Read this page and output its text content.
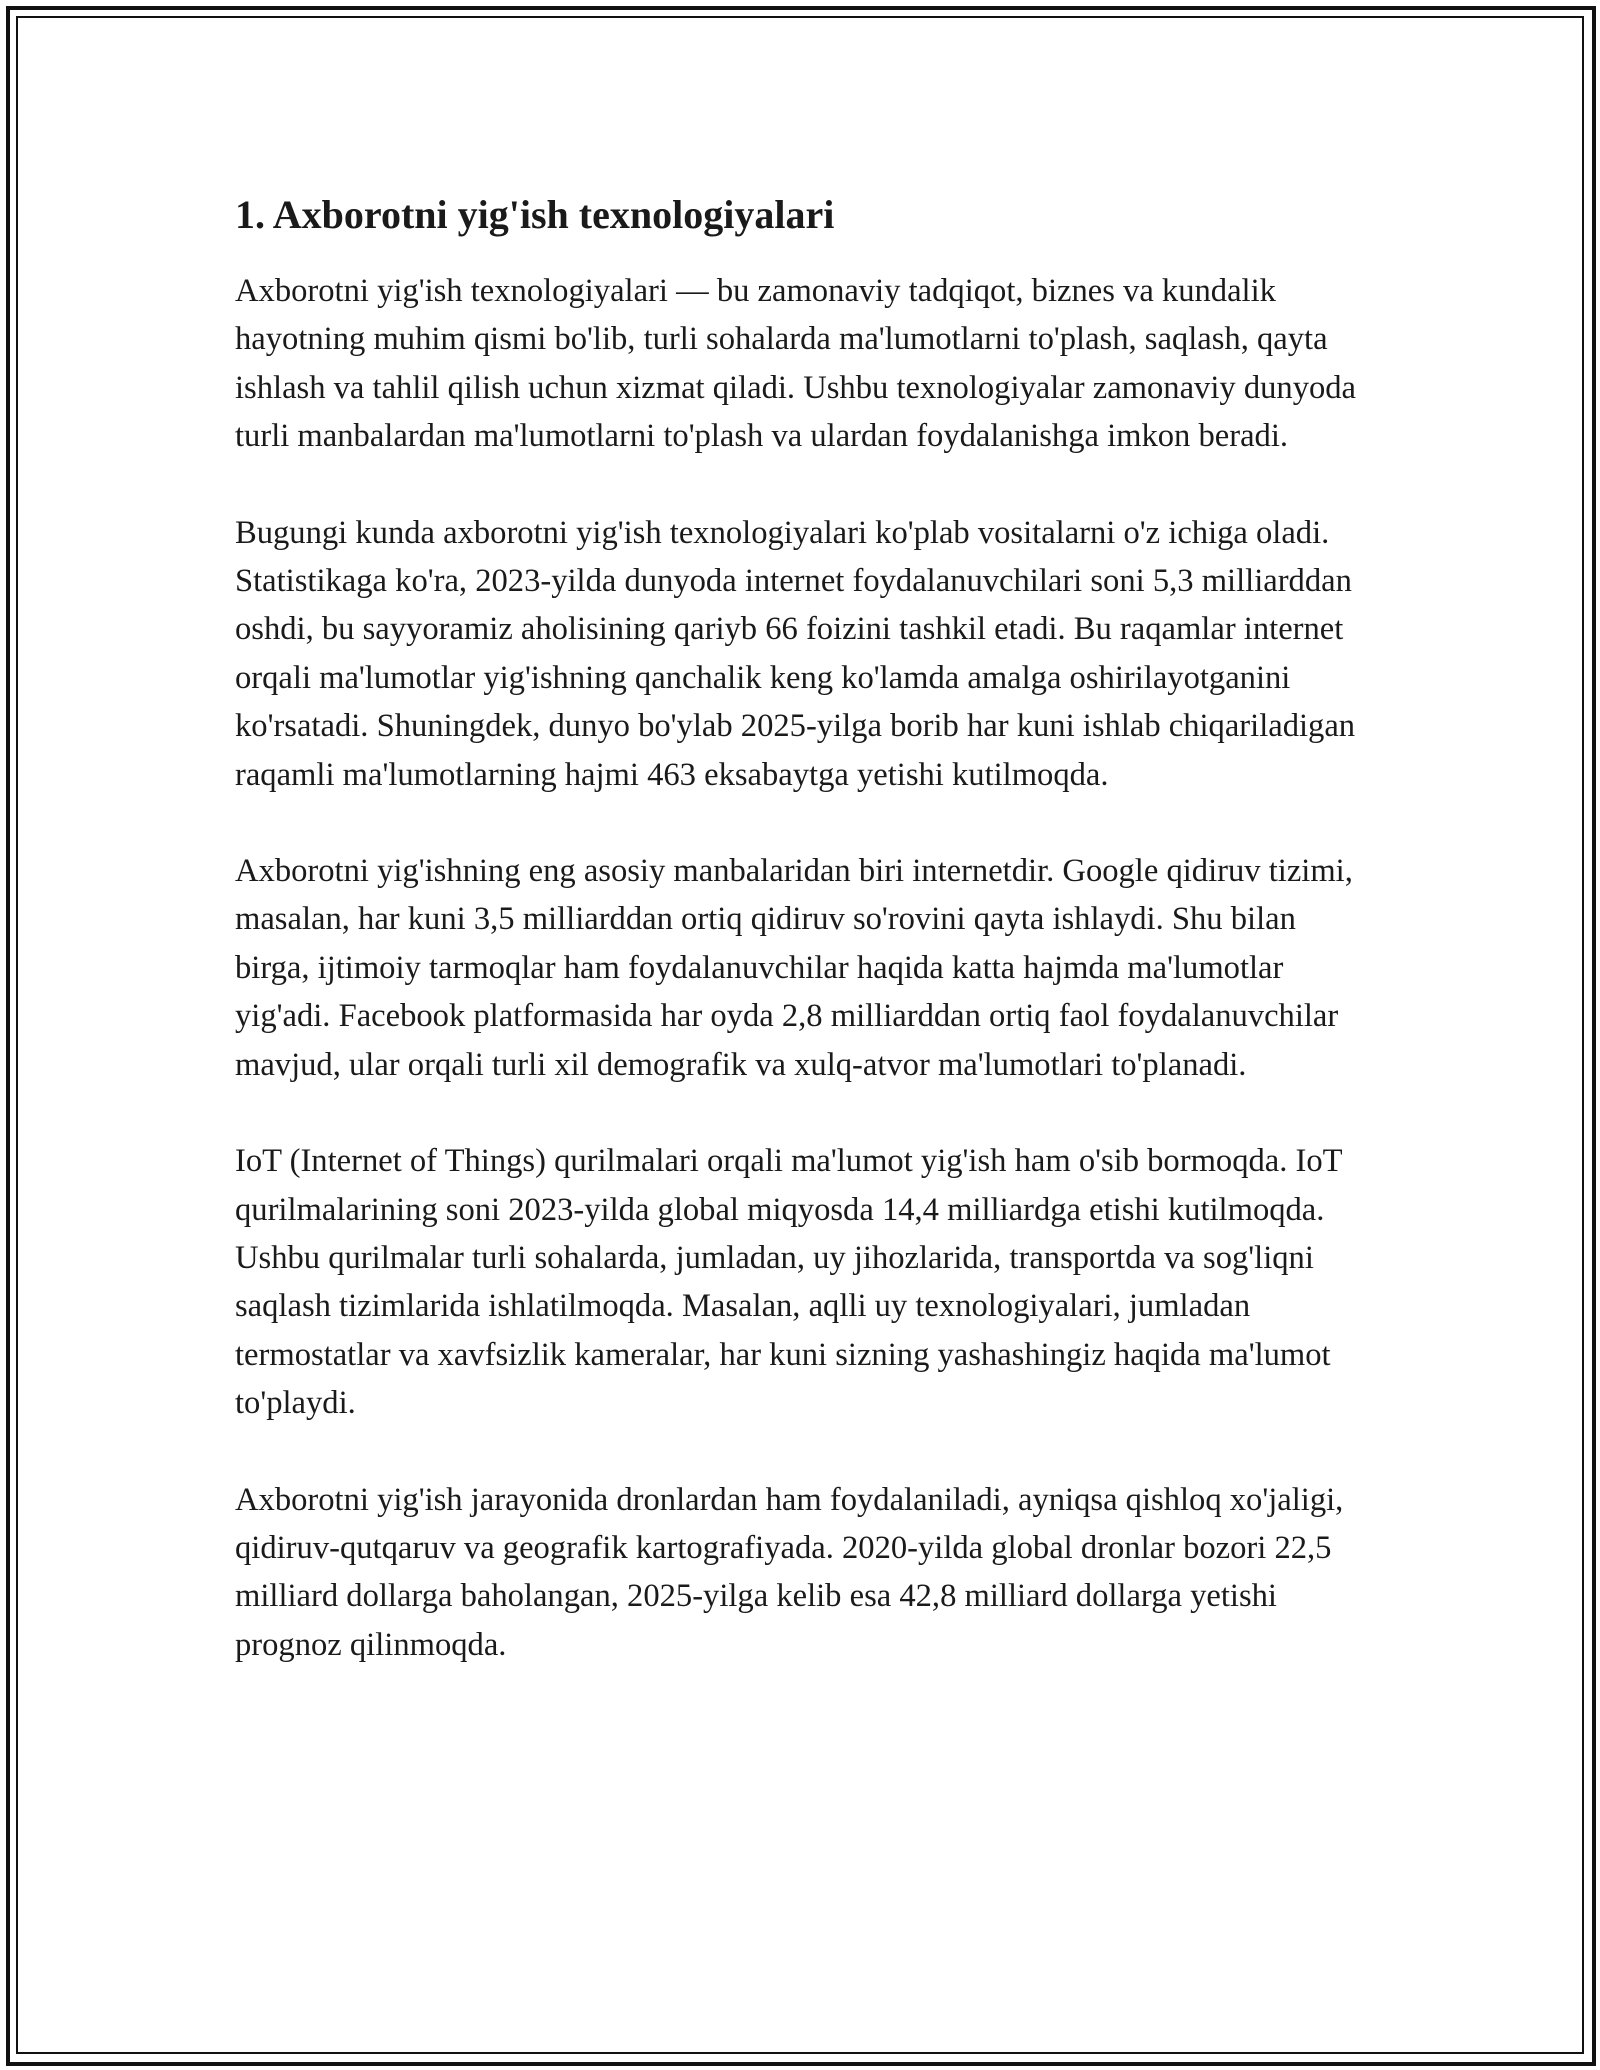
1. Axborotni yig'ish texnologiyalari

Axborotni yig'ish texnologiyalari — bu zamonaviy tadqiqot, biznes va kundalik hayotning muhim qismi bo'lib, turli sohalarda ma'lumotlarni to'plash, saqlash, qayta ishlash va tahlil qilish uchun xizmat qiladi. Ushbu texnologiyalar zamonaviy dunyoda turli manbalardan ma'lumotlarni to'plash va ulardan foydalanishga imkon beradi.

Bugungi kunda axborotni yig'ish texnologiyalari ko'plab vositalarni o'z ichiga oladi. Statistikaga ko'ra, 2023-yilda dunyoda internet foydalanuvchilari soni 5,3 milliarddan oshdi, bu sayyoramiz aholisining qariyb 66 foizini tashkil etadi. Bu raqamlar internet orqali ma'lumotlar yig'ishning qanchalik keng ko'lamda amalga oshirilayotganini ko'rsatadi. Shuningdek, dunyo bo'ylab 2025-yilga borib har kuni ishlab chiqariladigan raqamli ma'lumotlarning hajmi 463 eksabaytga yetishi kutilmoqda.

Axborotni yig'ishning eng asosiy manbalaridan biri internetdir. Google qidiruv tizimi, masalan, har kuni 3,5 milliarddan ortiq qidiruv so'rovini qayta ishlaydi. Shu bilan birga, ijtimoiy tarmoqlar ham foydalanuvchilar haqida katta hajmda ma'lumotlar yig'adi. Facebook platformasida har oyda 2,8 milliarddan ortiq faol foydalanuvchilar mavjud, ular orqali turli xil demografik va xulq-atvor ma'lumotlari to'planadi.

IoT (Internet of Things) qurilmalari orqali ma'lumot yig'ish ham o'sib bormoqda. IoT qurilmalarining soni 2023-yilda global miqyosda 14,4 milliardga etishi kutilmoqda. Ushbu qurilmalar turli sohalarda, jumladan, uy jihozlarida, transportda va sog'liqni saqlash tizimlarida ishlatilmoqda. Masalan, aqlli uy texnologiyalari, jumladan termostatlar va xavfsizlik kameralar, har kuni sizning yashashingiz haqida ma'lumot to'playdi.

Axborotni yig'ish jarayonida dronlardan ham foydalaniladi, ayniqsa qishloq xo'jaligi, qidiruv-qutqaruv va geografik kartografiyada. 2020-yilda global dronlar bozori 22,5 milliard dollarga baholangan, 2025-yilga kelib esa 42,8 milliard dollarga yetishi prognoz qilinmoqda.
